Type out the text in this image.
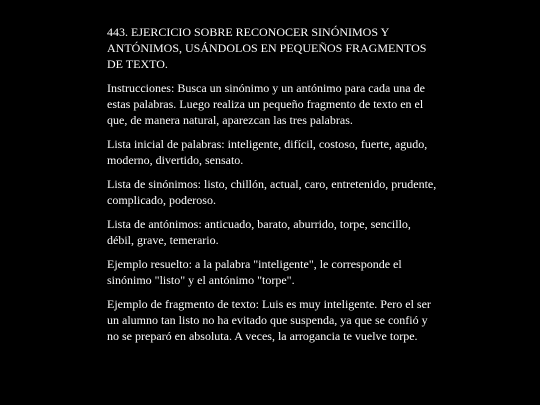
443. EJERCICIO SOBRE RECONOCER SINÓNIMOS Y ANTÓNIMOS, USÁNDOLOS EN PEQUEÑOS FRAGMENTOS DE TEXTO.

Instrucciones: Busca un sinónimo y un antónimo para cada una de estas palabras. Luego realiza un pequeño fragmento de texto en el que, de manera natural, aparezcan las tres palabras.

Lista inicial de palabras: inteligente, difícil, costoso, fuerte, agudo, moderno, divertido, sensato.

Lista de sinónimos: listo, chillón, actual, caro, entretenido, prudente, complicado, poderoso.

Lista de antónimos: anticuado, barato, aburrido, torpe, sencillo, débil, grave, temerario.

Ejemplo resuelto: a la palabra "inteligente", le corresponde el sinónimo "listo" y el antónimo "torpe".

Ejemplo de fragmento de texto: Luis es muy inteligente. Pero el ser un alumno tan listo no ha evitado que suspenda, ya que se confió y no se preparó en absoluta. A veces, la arrogancia te vuelve torpe.
